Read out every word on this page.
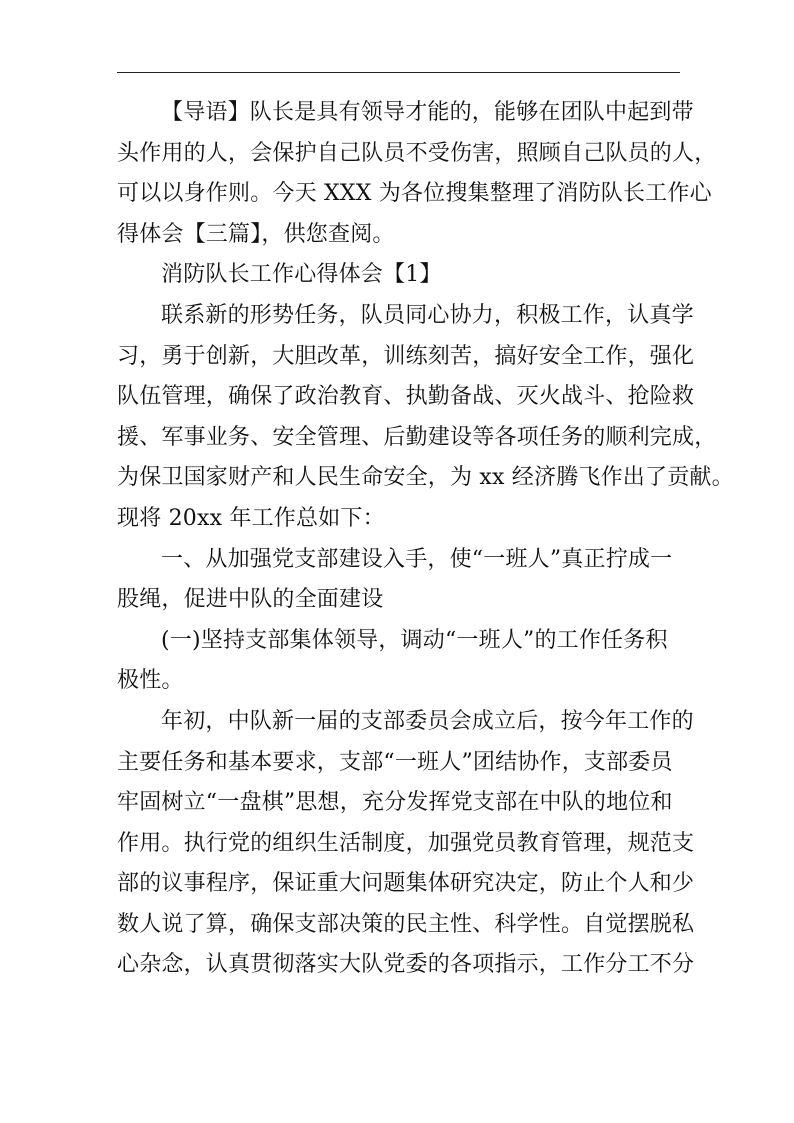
【导语】队长是具有领导才能的，能够在团队中起到带
头作用的人，会保护自己队员不受伤害，照顾自己队员的人，
可以以身作则。今天 XXX 为各位搜集整理了消防队长工作心
得体会【三篇】，供您查阅。
消防队长工作心得体会【1】
联系新的形势任务，队员同心协力，积极工作，认真学
习，勇于创新，大胆改革，训练刻苦，搞好安全工作，强化
队伍管理，确保了政治教育、执勤备战、灭火战斗、抢险救
援、军事业务、安全管理、后勤建设等各项任务的顺利完成，
为保卫国家财产和人民生命安全，为 xx 经济腾飞作出了贡献。
现将 20xx 年工作总如下：
一、从加强党支部建设入手，使“一班人”真正拧成一
股绳，促进中队的全面建设
(一)坚持支部集体领导，调动“一班人”的工作任务积
极性。
年初，中队新一届的支部委员会成立后，按今年工作的
主要任务和基本要求，支部“一班人”团结协作，支部委员
牢固树立“一盘棋”思想，充分发挥党支部在中队的地位和
作用。执行党的组织生活制度，加强党员教育管理，规范支
部的议事程序，保证重大问题集体研究决定，防止个人和少
数人说了算，确保支部决策的民主性、科学性。自觉摆脱私
心杂念，认真贯彻落实大队党委的各项指示，工作分工不分
